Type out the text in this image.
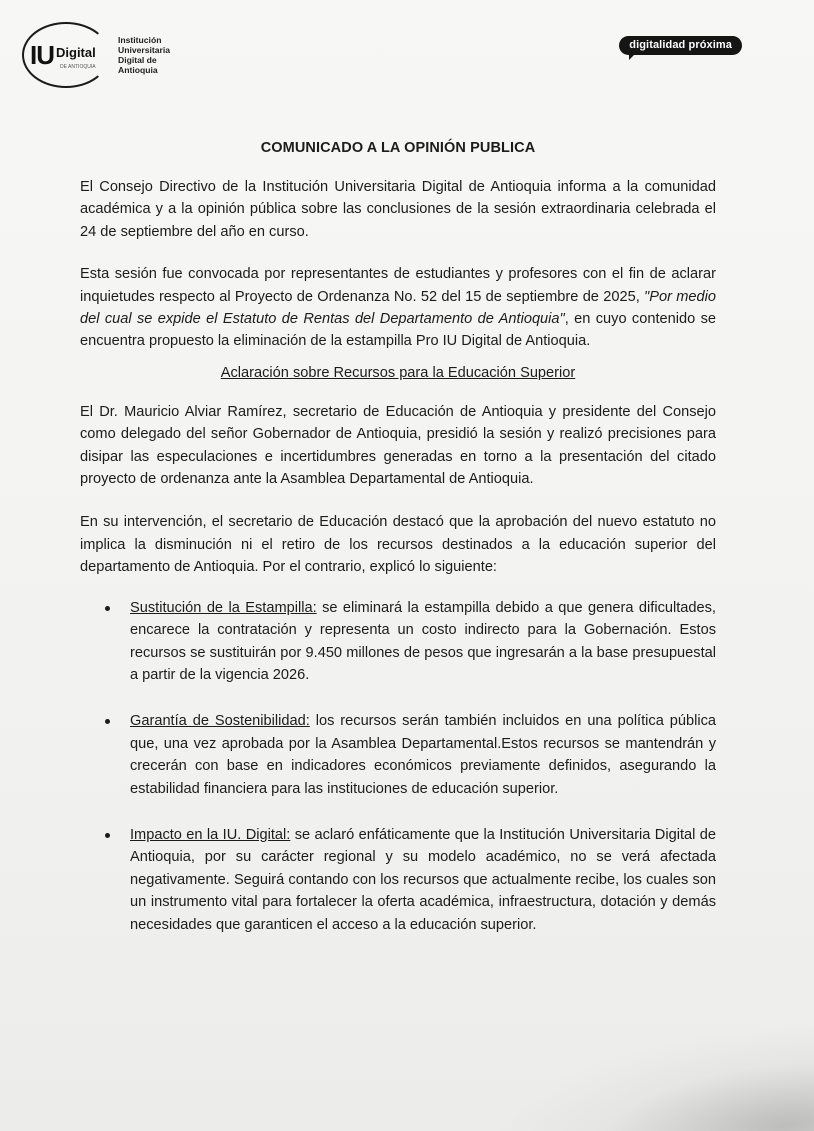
IU Digital
DE ANTIOQUIA
Institución
Universitaria
Digital de
Antioquia
digitalidad próxima
COMUNICADO A LA OPINIÓN PUBLICA

El Consejo Directivo de la Institución Universitaria Digital de Antioquia informa a la comunidad académica y a la opinión pública sobre las conclusiones de la sesión extraordinaria celebrada el 24 de septiembre del año en curso.

Esta sesión fue convocada por representantes de estudiantes y profesores con el fin de aclarar inquietudes respecto al Proyecto de Ordenanza No. 52 del 15 de septiembre de 2025, "Por medio del cual se expide el Estatuto de Rentas del Departamento de Antioquia", en cuyo contenido se encuentra propuesto la eliminación de la estampilla Pro IU Digital de Antioquia.

Aclaración sobre Recursos para la Educación Superior

El Dr. Mauricio Alviar Ramírez, secretario de Educación de Antioquia y presidente del Consejo como delegado del señor Gobernador de Antioquia, presidió la sesión y realizó precisiones para disipar las especulaciones e incertidumbres generadas en torno a la presentación del citado proyecto de ordenanza ante la Asamblea Departamental de Antioquia.

En su intervención, el secretario de Educación destacó que la aprobación del nuevo estatuto no implica la disminución ni el retiro de los recursos destinados a la educación superior del departamento de Antioquia. Por el contrario, explicó lo siguiente:

Sustitución de la Estampilla: se eliminará la estampilla debido a que genera dificultades, encarece la contratación y representa un costo indirecto para la Gobernación. Estos recursos se sustituirán por 9.450 millones de pesos que ingresarán a la base presupuestal a partir de la vigencia 2026.

Garantía de Sostenibilidad: los recursos serán también incluidos en una política pública que, una vez aprobada por la Asamblea Departamental.Estos recursos se mantendrán y crecerán con base en indicadores económicos previamente definidos, asegurando la estabilidad financiera para las instituciones de educación superior.

Impacto en la IU. Digital: se aclaró enfáticamente que la Institución Universitaria Digital de Antioquia, por su carácter regional y su modelo académico, no se verá afectada negativamente. Seguirá contando con los recursos que actualmente recibe, los cuales son un instrumento vital para fortalecer la oferta académica, infraestructura, dotación y demás necesidades que garanticen el acceso a la educación superior.
